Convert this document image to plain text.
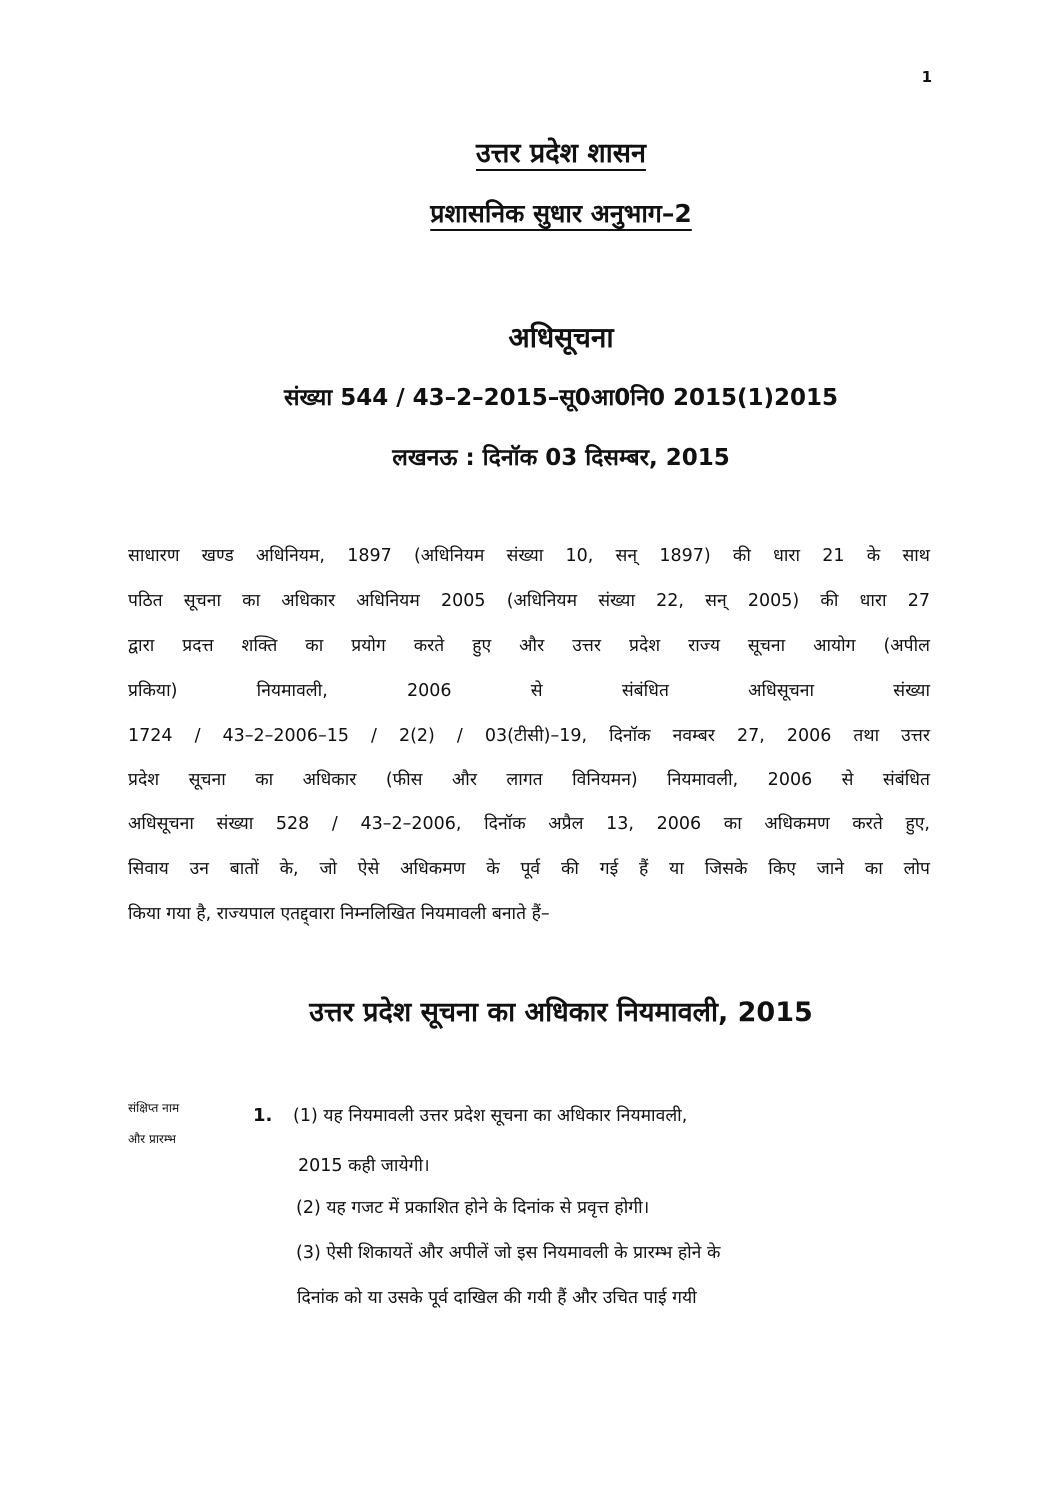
1
उत्तर प्रदेश शासन
प्रशासनिक सुधार अनुभाग–2
अधिसूचना
संख्या 544 / 43–2–2015–सू0आ0नि0 2015(1)2015
लखनऊ : दिनॉक 03 दिसम्बर, 2015
साधारण खण्ड अधिनियम, 1897 (अधिनियम संख्या 10, सन् 1897) की धारा 21 के साथ
पठित सूचना का अधिकार अधिनियम 2005 (अधिनियम संख्या 22, सन् 2005) की धारा 27
द्वारा प्रदत्त शक्ति का प्रयोग करते हुए और उत्तर प्रदेश राज्य सूचना आयोग (अपील
प्रकिया) नियमावली, 2006 से संबंधित अधिसूचना संख्या
1724 / 43–2–2006–15 / 2(2) / 03(टीसी)–19, दिनॉक नवम्बर 27, 2006 तथा उत्तर
प्रदेश सूचना का अधिकार (फीस और लागत विनियमन) नियमावली, 2006 से संबंधित
अधिसूचना संख्या 528 / 43–2–2006, दिनॉक अप्रैल 13, 2006 का अधिकमण करते हुए,
सिवाय उन बातों के, जो ऐसे अधिकमण के पूर्व की गई हैं या जिसके किए जाने का लोप
किया गया है, राज्यपाल एतद्द्वारा निम्नलिखित नियमावली बनाते हैं–
उत्तर प्रदेश सूचना का अधिकार नियमावली, 2015
संक्षिप्त नाम
और प्रारम्भ
1. (1) यह नियमावली उत्तर प्रदेश सूचना का अधिकार नियमावली,
2015 कही जायेगी।
(2) यह गजट में प्रकाशित होने के दिनांक से प्रवृत्त होगी।
(3) ऐसी शिकायतें और अपीलें जो इस नियमावली के प्रारम्भ होने के
दिनांक को या उसके पूर्व दाखिल की गयी हैं और उचित पाई गयी
